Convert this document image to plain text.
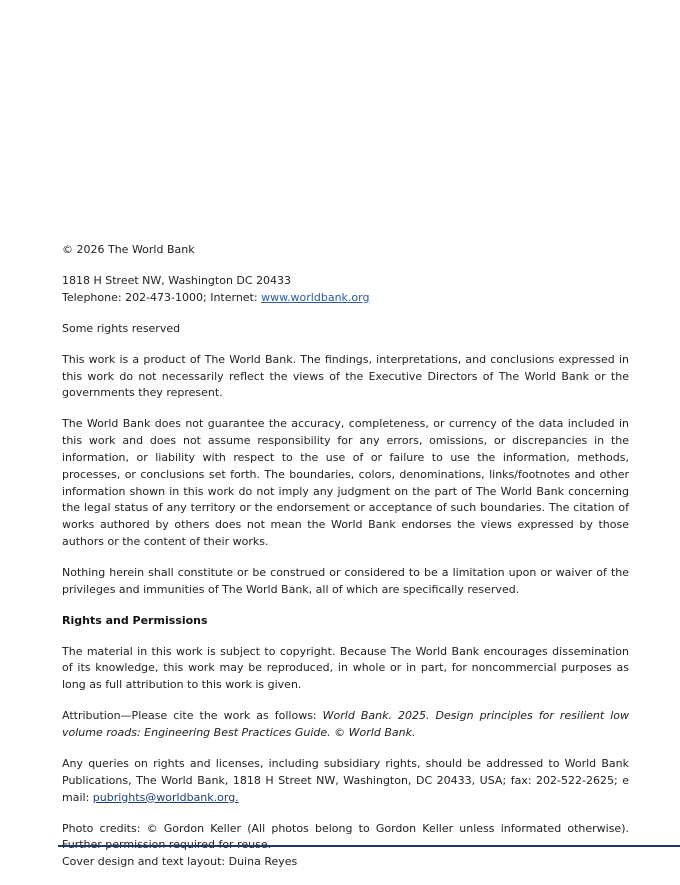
© 2026 The World Bank

1818 H Street NW, Washington DC 20433
Telephone: 202-473-1000; Internet: www.worldbank.org

Some rights reserved

This work is a product of The World Bank. The findings, interpretations, and conclusions expressed in this work do not necessarily reflect the views of the Executive Directors of The World Bank or the governments they represent.

The World Bank does not guarantee the accuracy, completeness, or currency of the data included in this work and does not assume responsibility for any errors, omissions, or discrepancies in the information, or liability with respect to the use of or failure to use the information, methods, processes, or conclusions set forth. The boundaries, colors, denominations, links/footnotes and other information shown in this work do not imply any judgment on the part of The World Bank concerning the legal status of any territory or the endorsement or acceptance of such boundaries. The citation of works authored by others does not mean the World Bank endorses the views expressed by those authors or the content of their works.

Nothing herein shall constitute or be construed or considered to be a limitation upon or waiver of the privileges and immunities of The World Bank, all of which are specifically reserved.

Rights and Permissions

The material in this work is subject to copyright. Because The World Bank encourages dissemination of its knowledge, this work may be reproduced, in whole or in part, for noncommercial purposes as long as full attribution to this work is given.

Attribution—Please cite the work as follows: World Bank. 2025. Design principles for resilient low volume roads: Engineering Best Practices Guide. © World Bank.

Any queries on rights and licenses, including subsidiary rights, should be addressed to World Bank Publications, The World Bank, 1818 H Street NW, Washington, DC 20433, USA; fax: 202-522-2625; e mail: pubrights@worldbank.org.

Photo credits: © Gordon Keller (All photos belong to Gordon Keller unless informated otherwise).
Cover design and text layout: Duina Reyes
